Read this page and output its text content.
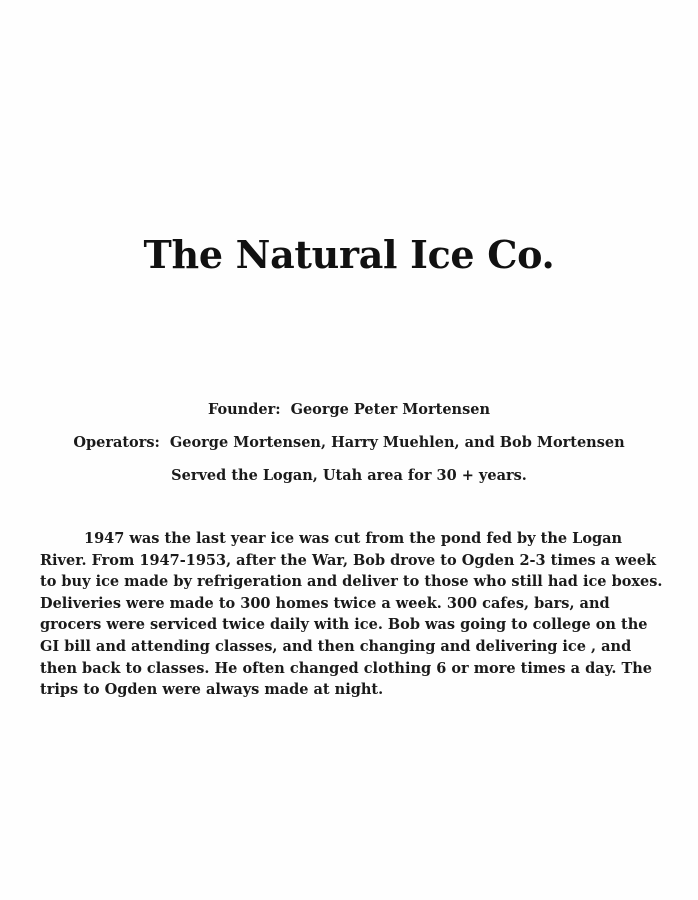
The Natural Ice Co.
Founder: George Peter Mortensen
Operators: George Mortensen, Harry Muehlen, and Bob Mortensen
Served the Logan, Utah area for 30 + years.

1947 was the last year ice was cut from the pond fed by the Logan River. From 1947-1953, after the War, Bob drove to Ogden 2-3 times a week to buy ice made by refrigeration and deliver to those who still had ice boxes. Deliveries were made to 300 homes twice a week. 300 cafes, bars, and grocers were serviced twice daily with ice. Bob was going to college on the GI bill and attending classes, and then changing and delivering ice , and then back to classes. He often changed clothing 6 or more times a day. The trips to Ogden were always made at night.
